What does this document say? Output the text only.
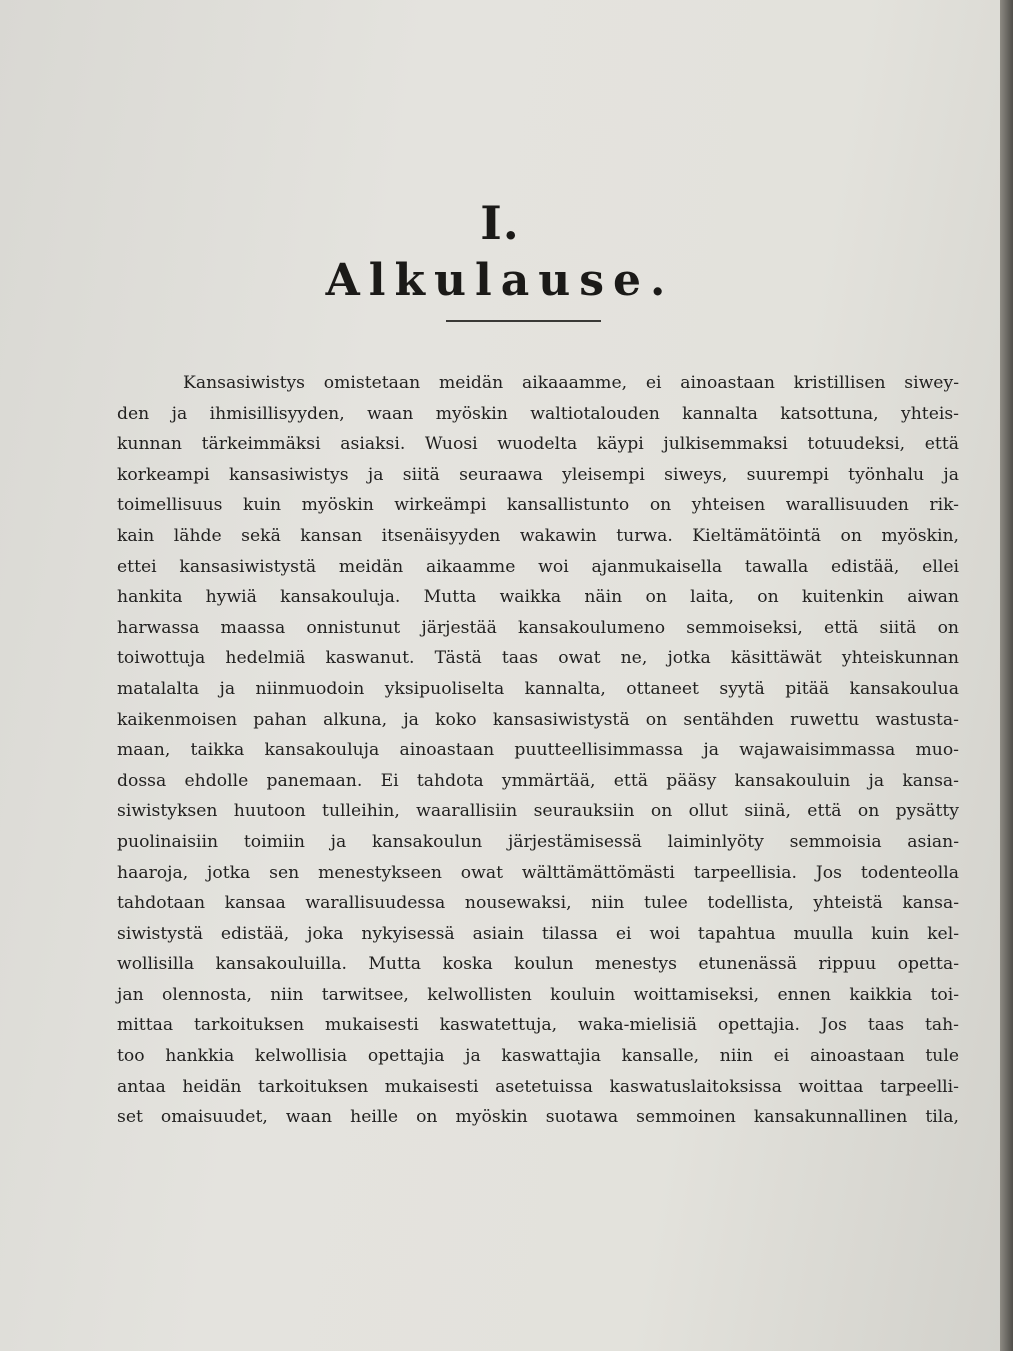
I.
Alkulause.
Kansasiwistys omistetaan meidän aikaaamme, ei ainoastaan kristillisen siwey-
den ja ihmisillisyyden, waan myöskin waltiotalouden kannalta katsottuna, yhteis-
kunnan tärkeimmäksi asiaksi. Wuosi wuodelta käypi julkisemmaksi totuudeksi, että
korkeampi kansasiwistys ja siitä seuraawa yleisempi siweys, suurempi työnhalu ja
toimellisuus kuin myöskin wirkeämpi kansallistunto on yhteisen warallisuuden rik-
kain lähde sekä kansan itsenäisyyden wakawin turwa. Kieltämätöintä on myöskin,
ettei kansasiwistystä meidän aikaamme woi ajanmukaisella tawalla edistää, ellei
hankita hywiä kansakouluja. Mutta waikka näin on laita, on kuitenkin aiwan
harwassa maassa onnistunut järjestää kansakoulumeno semmoiseksi, että siitä on
toiwottuja hedelmiä kaswanut. Tästä taas owat ne, jotka käsittäwät yhteiskunnan
matalalta ja niinmuodoin yksipuoliselta kannalta, ottaneet syytä pitää kansakoulua
kaikenmoisen pahan alkuna, ja koko kansasiwistystä on sentähden ruwettu wastusta-
maan, taikka kansakouluja ainoastaan puutteellisimmassa ja wajawaisimmassa muo-
dossa ehdolle panemaan. Ei tahdota ymmärtää, että pääsy kansakouluin ja kansa-
siwistyksen huutoon tulleihin, waarallisiin seurauksiin on ollut siinä, että on pysätty
puolinaisiin toimiin ja kansakoulun järjestämisessä laiminlyöty semmoisia asian-
haaroja, jotka sen menestykseen owat wälttämättömästi tarpeellisia. Jos todenteolla
tahdotaan kansaa warallisuudessa nousewaksi, niin tulee todellista, yhteistä kansa-
siwistystä edistää, joka nykyisessä asiain tilassa ei woi tapahtua muulla kuin kel-
wollisilla kansakouluilla. Mutta koska koulun menestys etunenässä rippuu opetta-
jan olennosta, niin tarwitsee, kelwollisten kouluin woittamiseksi, ennen kaikkia toi-
mittaa tarkoituksen mukaisesti kaswatettuja, waka-mielisiä opettajia. Jos taas tah-
too hankkia kelwollisia opettajia ja kaswattajia kansalle, niin ei ainoastaan tule
antaa heidän tarkoituksen mukaisesti asetetuissa kaswatuslaitoksissa woittaa tarpeelli-
set omaisuudet, waan heille on myöskin suotawa semmoinen kansakunnallinen tila,
